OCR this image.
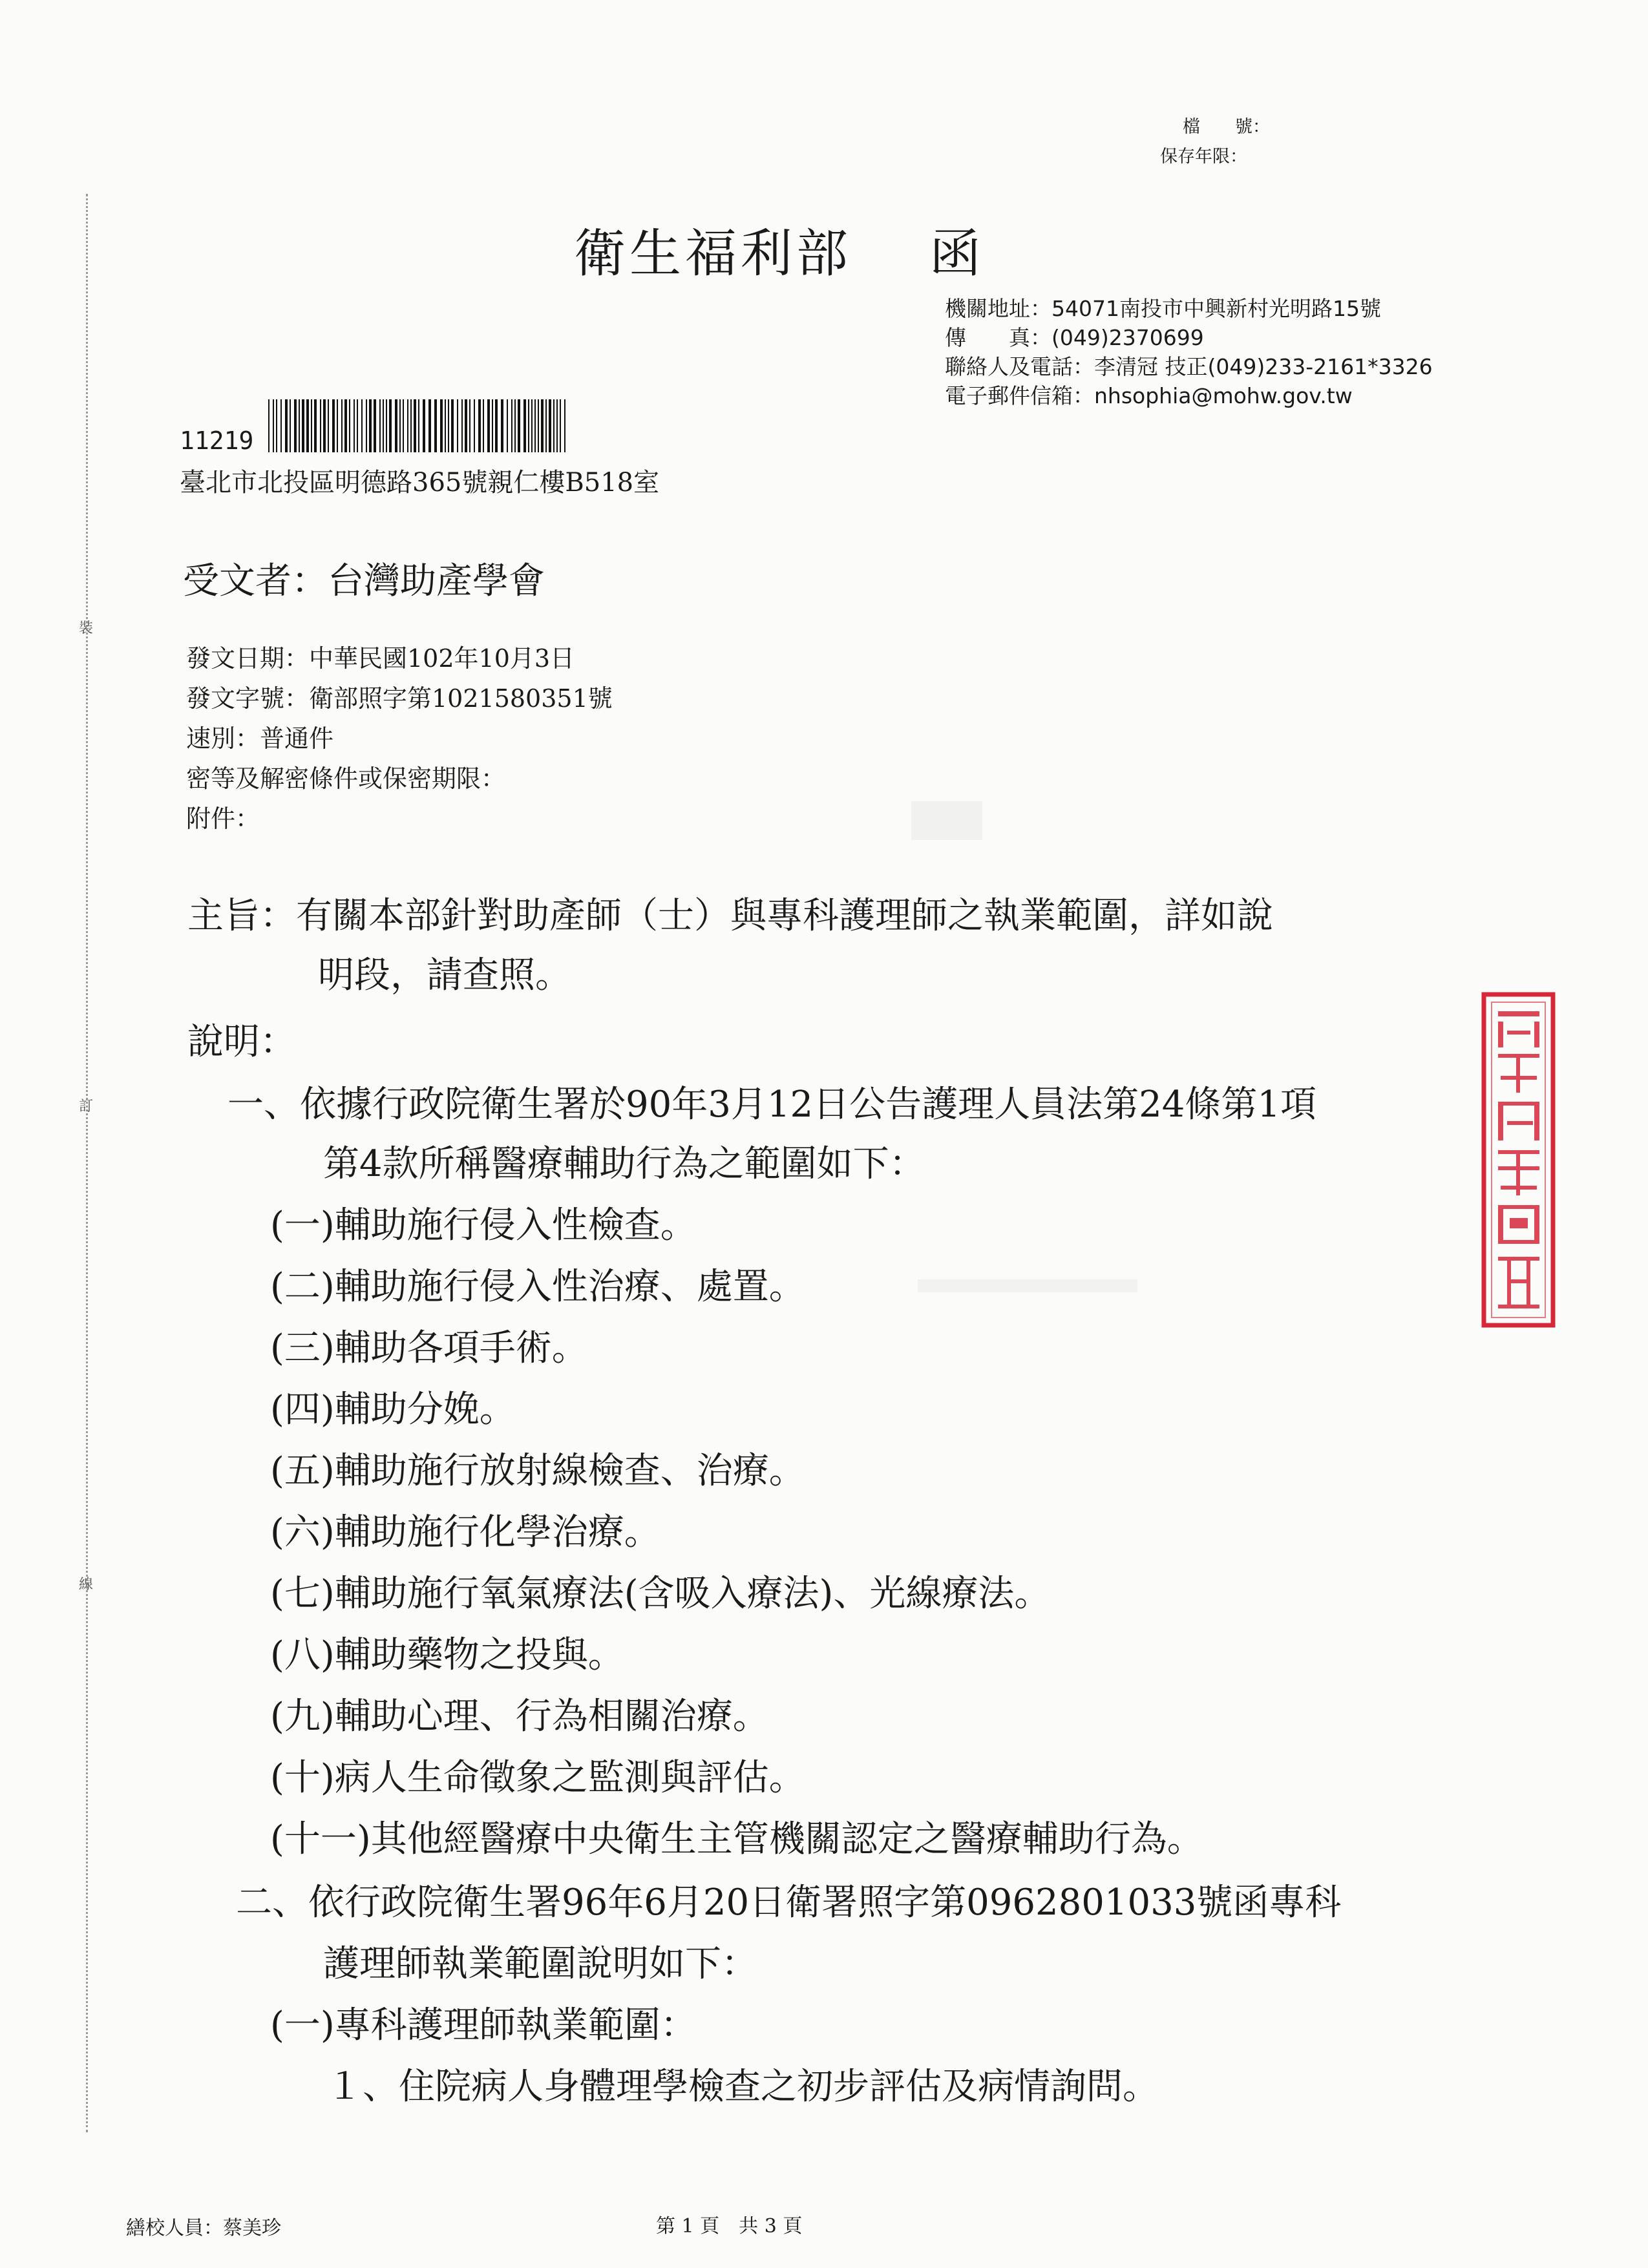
檔　　號：
保存年限：
衛生福利部 函
機關地址：54071南投市中興新村光明路15號
傳　　真：(049)2370699
聯絡人及電話：李清冠 技正(049)233-2161*3326
電子郵件信箱：nhsophia@mohw.gov.tw
11219
臺北市北投區明德路365號親仁樓B518室
受文者：台灣助產學會
發文日期：中華民國102年10月3日
發文字號：衛部照字第1021580351號
速別：普通件
密等及解密條件或保密期限：
附件：
主旨：有關本部針對助產師（士）與專科護理師之執業範圍，詳如說
明段，請查照。
說明：
一、依據行政院衛生署於90年3月12日公告護理人員法第24條第1項
第4款所稱醫療輔助行為之範圍如下：
(一)輔助施行侵入性檢查。
(二)輔助施行侵入性治療、處置。
(三)輔助各項手術。
(四)輔助分娩。
(五)輔助施行放射線檢查、治療。
(六)輔助施行化學治療。
(七)輔助施行氧氣療法(含吸入療法)、光線療法。
(八)輔助藥物之投與。
(九)輔助心理、行為相關治療。
(十)病人生命徵象之監測與評估。
(十一)其他經醫療中央衛生主管機關認定之醫療輔助行為。
二、依行政院衛生署96年6月20日衛署照字第0962801033號函專科
護理師執業範圍說明如下：
(一)專科護理師執業範圍：
１、住院病人身體理學檢查之初步評估及病情詢問。
裝
訂
線
繕校人員：蔡美珍	第 1 頁　共 3 頁
